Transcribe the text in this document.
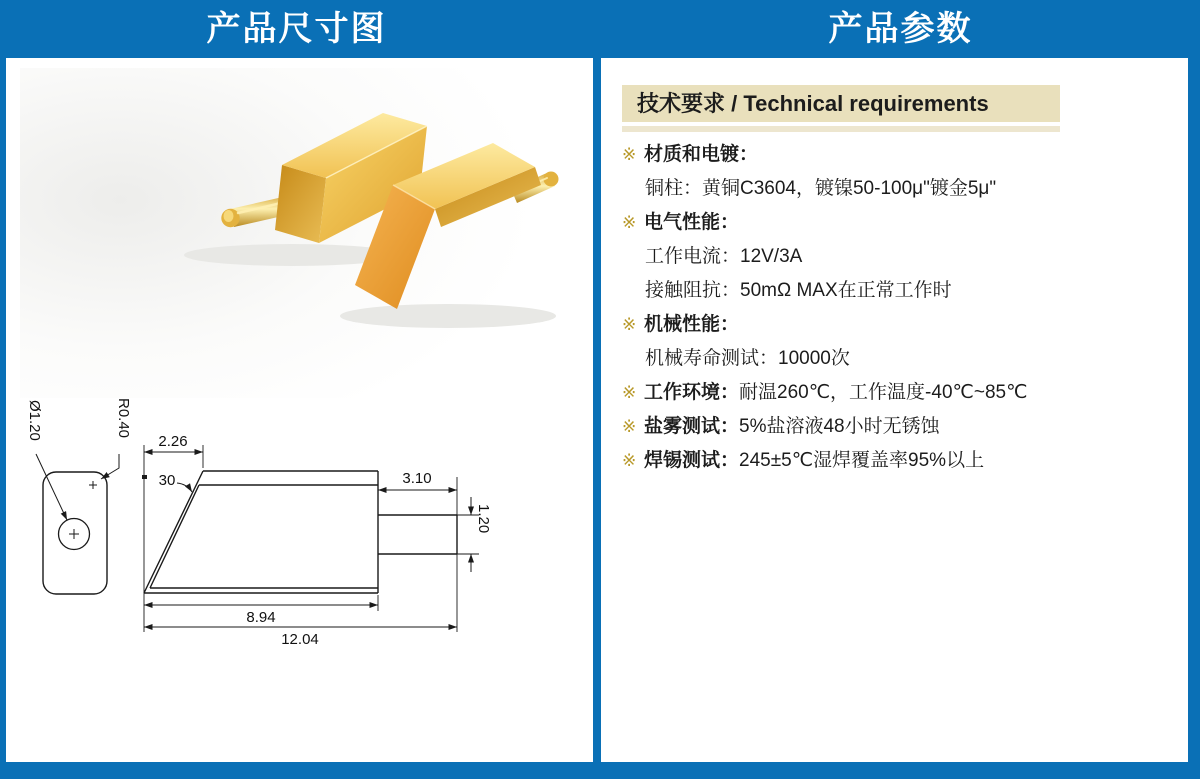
产品尺寸图	产品参数
Ø1.20	R0.40
2.26
30	3.10
1.20
8.94
12.04
技术要求 / Technical requirements
※ 材质和电镀：
铜柱：黄铜C3604，镀镍50-100μ"镀金5μ"
※ 电气性能：
工作电流：12V/3A
接触阻抗：50mΩ MAX在正常工作时
※ 机械性能：
机械寿命测试：10000次
※ 工作环境：耐温260℃，工作温度-40℃~85℃
※ 盐雾测试：5%盐溶液48小时无锈蚀
※ 焊锡测试：245±5℃湿焊覆盖率95%以上
